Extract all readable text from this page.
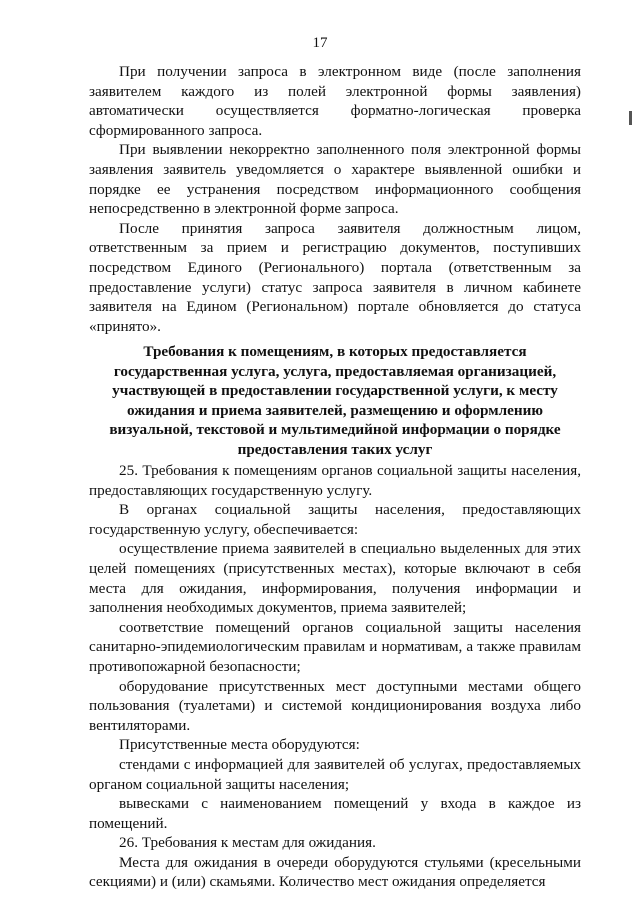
17

При получении запроса в электронном виде (после заполнения заявителем каждого из полей электронной формы заявления) автоматически осуществляется форматно-логическая проверка сформированного запроса.

При выявлении некорректно заполненного поля электронной формы заявления заявитель уведомляется о характере выявленной ошибки и порядке ее устранения посредством информационного сообщения непосредственно в электронной форме запроса.

После принятия запроса заявителя должностным лицом, ответственным за прием и регистрацию документов, поступивших посредством Единого (Регионального) портала (ответственным за предоставление услуги) статус запроса заявителя в личном кабинете заявителя на Едином (Региональном) портале обновляется до статуса «принято».

Требования к помещениям, в которых предоставляется
государственная услуга, услуга, предоставляемая организацией,
участвующей в предоставлении государственной услуги, к месту
ожидания и приема заявителей, размещению и оформлению
визуальной, текстовой и мультимедийной информации о порядке
предоставления таких услуг

25. Требования к помещениям органов социальной защиты населения, предоставляющих государственную услугу.

В органах социальной защиты населения, предоставляющих государственную услугу, обеспечивается:

осуществление приема заявителей в специально выделенных для этих целей помещениях (присутственных местах), которые включают в себя места для ожидания, информирования, получения информации и заполнения необходимых документов, приема заявителей;

соответствие помещений органов социальной защиты населения санитарно-эпидемиологическим правилам и нормативам, а также правилам противопожарной безопасности;

оборудование присутственных мест доступными местами общего пользования (туалетами) и системой кондиционирования воздуха либо вентиляторами.

Присутственные места оборудуются:

стендами с информацией для заявителей об услугах, предоставляемых органом социальной защиты населения;

вывесками с наименованием помещений у входа в каждое из помещений.

26. Требования к местам для ожидания.

Места для ожидания в очереди оборудуются стульями (кресельными секциями) и (или) скамьями. Количество мест ожидания определяется
